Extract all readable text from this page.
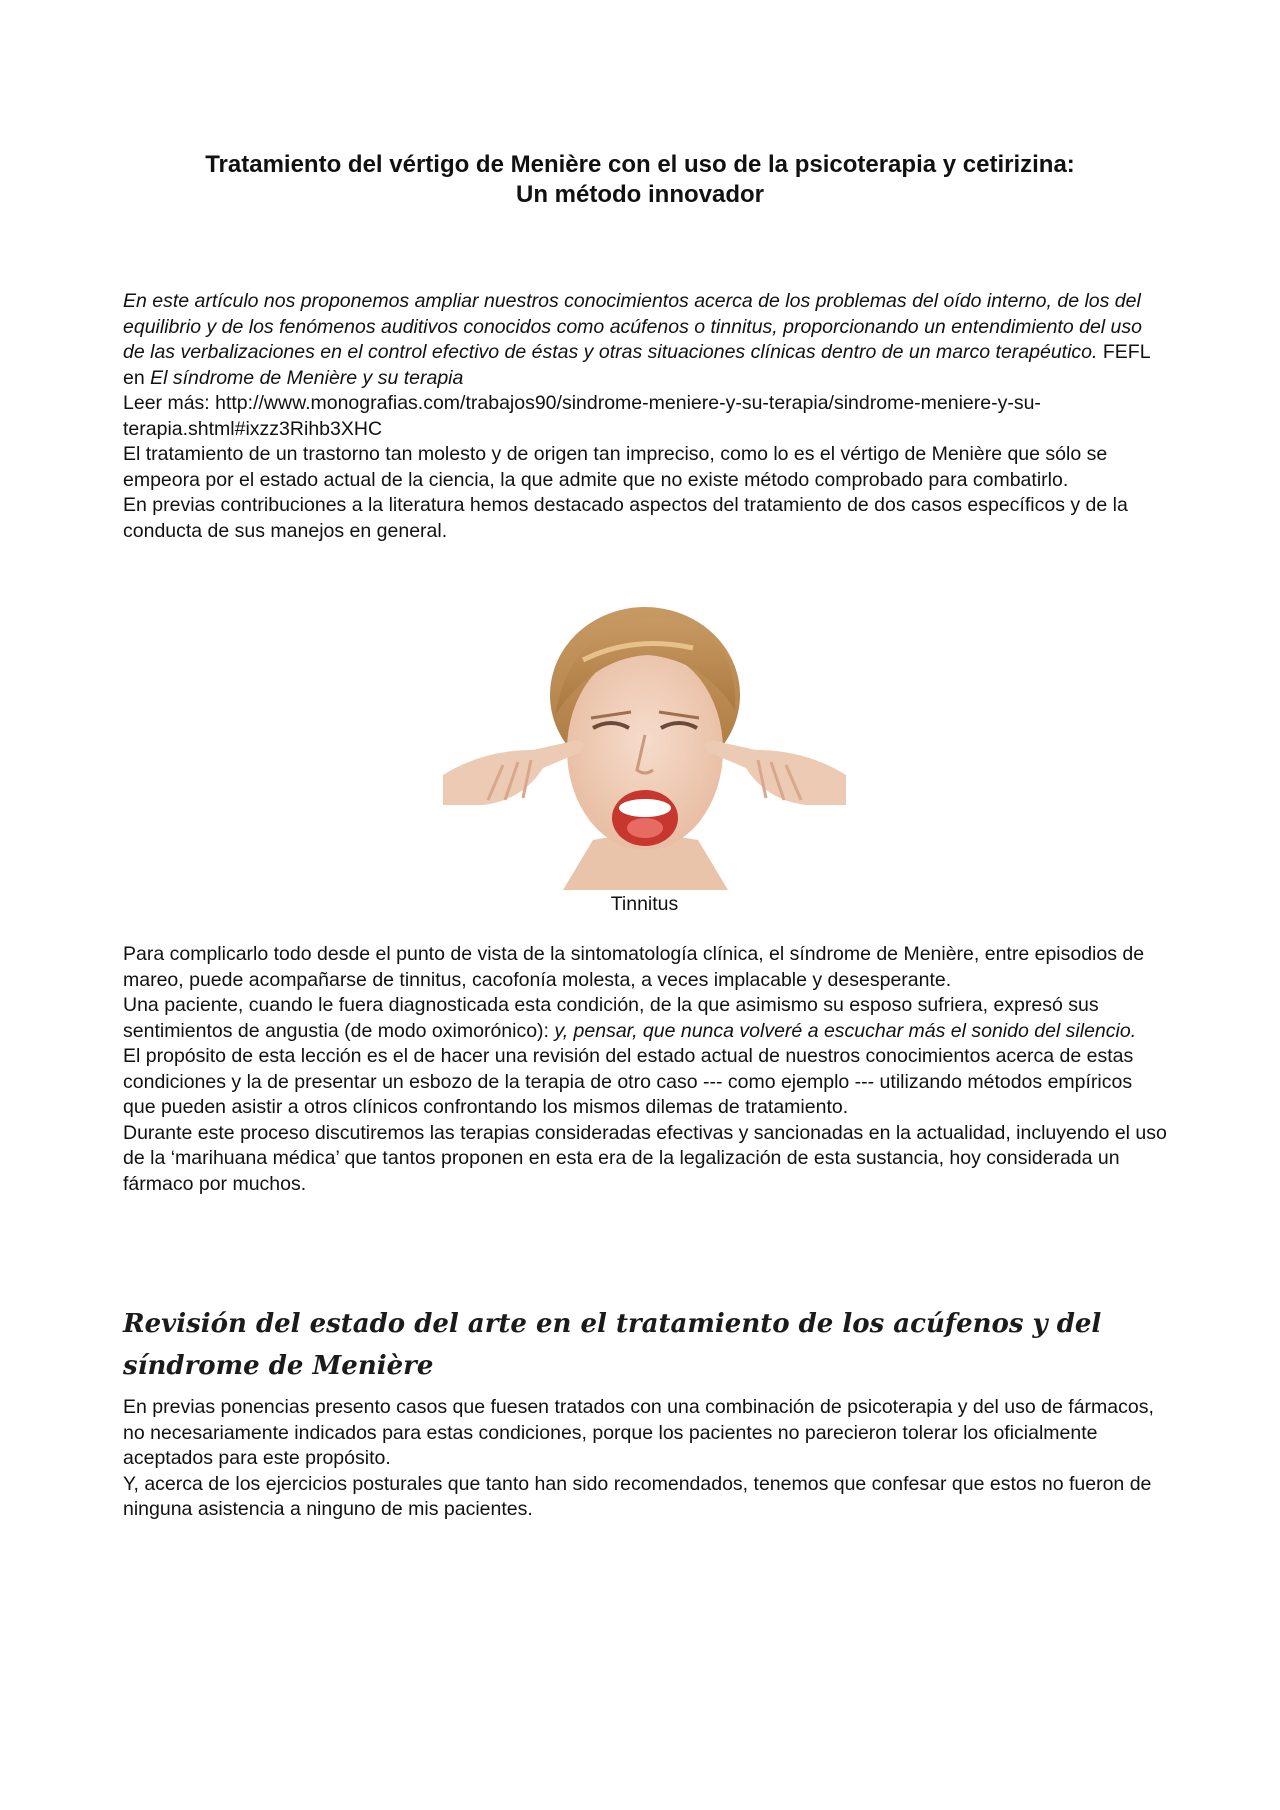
Tratamiento del vértigo de Menière con el uso de la psicoterapia y cetirizina:
Un método innovador

En este artículo nos proponemos ampliar nuestros conocimientos acerca de los problemas del oído interno, de los del equilibrio y de los fenómenos auditivos conocidos como acúfenos o tinnitus, proporcionando un entendimiento del uso de las verbalizaciones en el control efectivo de éstas y otras situaciones clínicas dentro de un marco terapéutico. FEFL en El síndrome de Menière y su terapia

Leer más: http://www.monografias.com/trabajos90/sindrome-meniere-y-su-terapia/sindrome-meniere-y-su-terapia.shtml#ixzz3Rihb3XHC

El tratamiento de un trastorno tan molesto y de origen tan impreciso, como lo es el vértigo de Menière que sólo se empeora por el estado actual de la ciencia, la que admite que no existe método comprobado para combatirlo.

En previas contribuciones a la literatura hemos destacado aspectos del tratamiento de dos casos específicos y de la conducta de sus manejos en general.

Tinnitus

Para complicarlo todo desde el punto de vista de la sintomatología clínica, el síndrome de Menière, entre episodios de mareo, puede acompañarse de tinnitus, cacofonía molesta, a veces implacable y desesperante.

Una paciente, cuando le fuera diagnosticada esta condición, de la que asimismo su esposo sufriera, expresó sus sentimientos de angustia (de modo oximorónico): y, pensar, que nunca volveré a escuchar más el sonido del silencio.

El propósito de esta lección es el de hacer una revisión del estado actual de nuestros conocimientos acerca de estas condiciones y la de presentar un esbozo de la terapia de otro caso --- como ejemplo --- utilizando métodos empíricos que pueden asistir a otros clínicos confrontando los mismos dilemas de tratamiento.

Durante este proceso discutiremos las terapias consideradas efectivas y sancionadas en la actualidad, incluyendo el uso de la ‘marihuana médica’ que tantos proponen en esta era de la legalización de esta sustancia, hoy considerada un fármaco por muchos.

Revisión del estado del arte en el tratamiento de los acúfenos y del síndrome de Menière

En previas ponencias presento casos que fuesen tratados con una combinación de psicoterapia y del uso de fármacos, no necesariamente indicados para estas condiciones, porque los pacientes no parecieron tolerar los oficialmente aceptados para este propósito.

Y, acerca de los ejercicios posturales que tanto han sido recomendados, tenemos que confesar que estos no fueron de ninguna asistencia a ninguno de mis pacientes.
